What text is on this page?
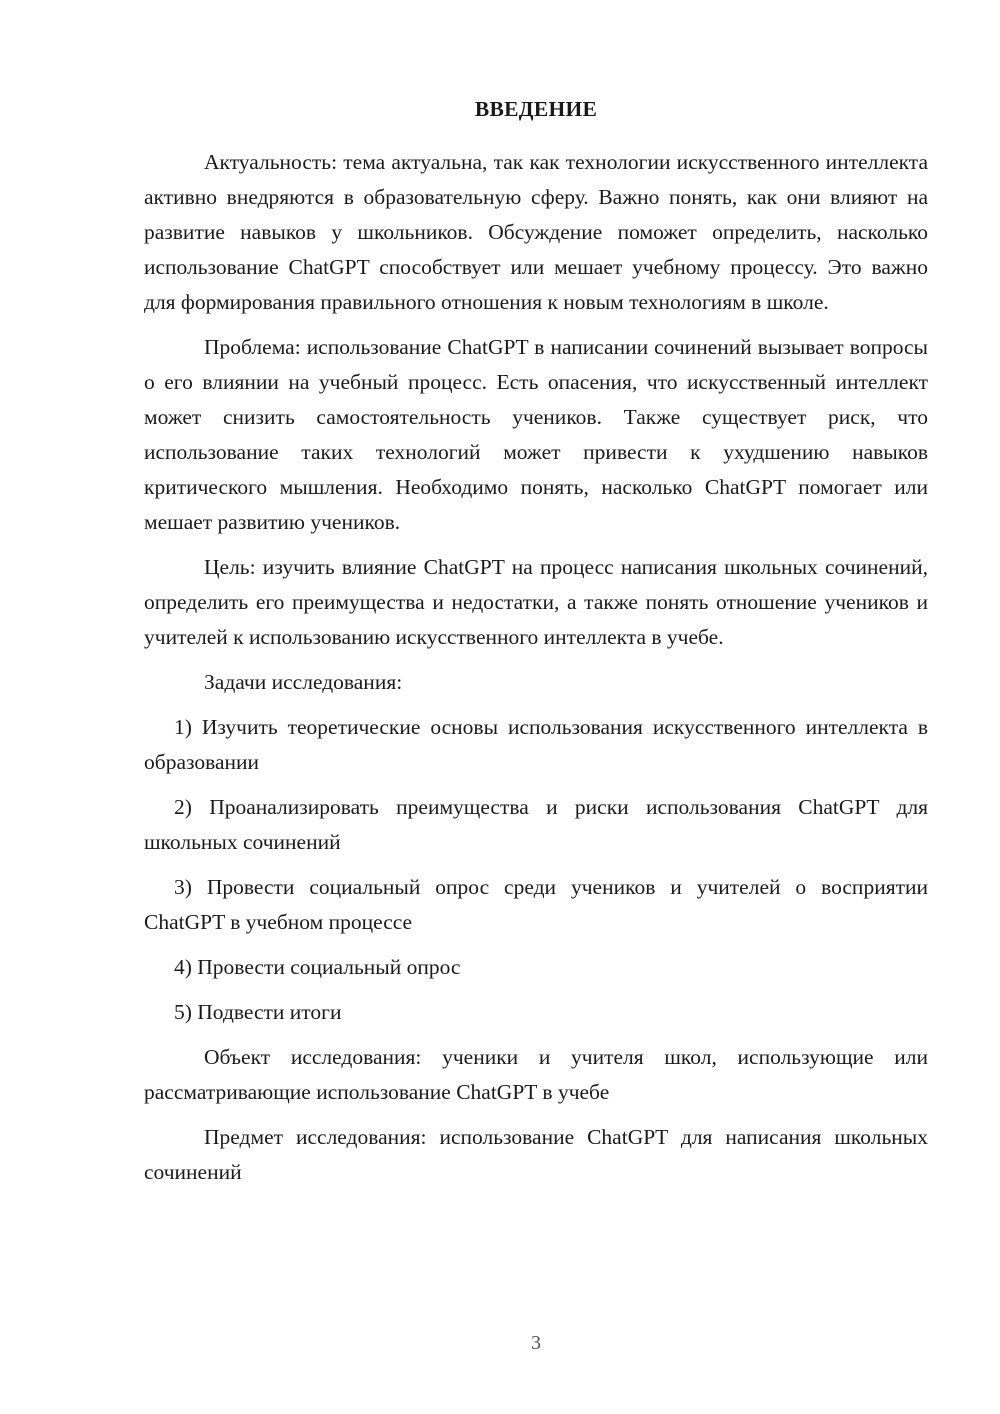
ВВЕДЕНИЕ

Актуальность: тема актуальна, так как технологии искусственного интеллекта активно внедряются в образовательную сферу. Важно понять, как они влияют на развитие навыков у школьников. Обсуждение поможет определить, насколько использование ChatGPT способствует или мешает учебному процессу. Это важно для формирования правильного отношения к новым технологиям в школе.

Проблема: использование ChatGPT в написании сочинений вызывает вопросы о его влиянии на учебный процесс. Есть опасения, что искусственный интеллект может снизить самостоятельность учеников. Также существует риск, что использование таких технологий может привести к ухудшению навыков критического мышления. Необходимо понять, насколько ChatGPT помогает или мешает развитию учеников.

Цель: изучить влияние ChatGPT на процесс написания школьных сочинений, определить его преимущества и недостатки, а также понять отношение учеников и учителей к использованию искусственного интеллекта в учебе.

Задачи исследования:

1) Изучить теоретические основы использования искусственного интеллекта в образовании

2) Проанализировать преимущества и риски использования ChatGPT для школьных сочинений

3) Провести социальный опрос среди учеников и учителей о восприятии ChatGPT в учебном процессе

4) Провести социальный опрос

5) Подвести итоги

Объект исследования: ученики и учителя школ, использующие или рассматривающие использование ChatGPT в учебе

Предмет исследования: использование ChatGPT для написания школьных сочинений

3
